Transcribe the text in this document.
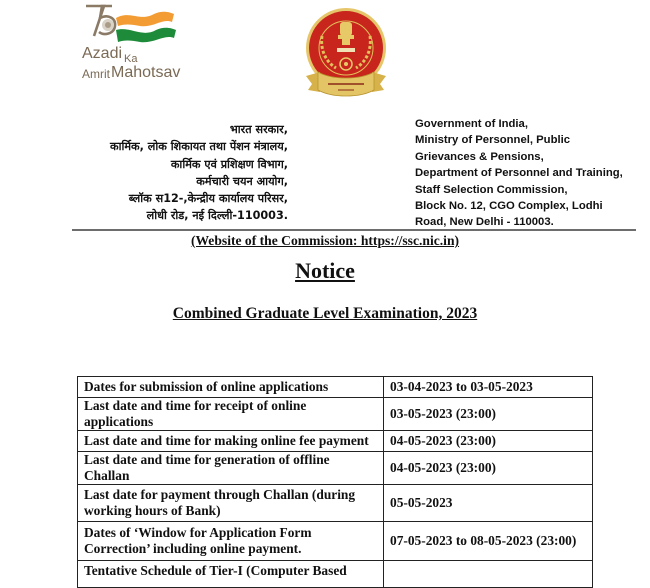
Azadi Ka
AmritMahotsav
भारत सरकार,
कार्मिक, लोक शिकायत तथा पेंशन मंत्रालय,
कार्मिक एवं प्रशिक्षण विभाग,
कर्मचारी चयन आयोग,
ब्लॉक स12-,केन्द्रीय कार्यालय परिसर,
लोधी रोड, नई दिल्ली-110003.
Government of India,
Ministry of Personnel, Public
Grievances & Pensions,
Department of Personnel and Training,
Staff Selection Commission,
Block No. 12, CGO Complex, Lodhi
Road, New Delhi - 110003.
(Website of the Commission: https://ssc.nic.in)
Notice
Combined Graduate Level Examination, 2023
Dates for submission of online applications	03-04-2023 to 03-05-2023
Last date and time for receipt of online applications	03-05-2023 (23:00)
Last date and time for making online fee payment	04-05-2023 (23:00)
Last date and time for generation of offline Challan	04-05-2023 (23:00)
Last date for payment through Challan (during working hours of Bank)	05-05-2023
Dates of ‘Window for Application Form Correction’ including online payment.	07-05-2023 to 08-05-2023 (23:00)
Tentative Schedule of Tier-I (Computer Based	
